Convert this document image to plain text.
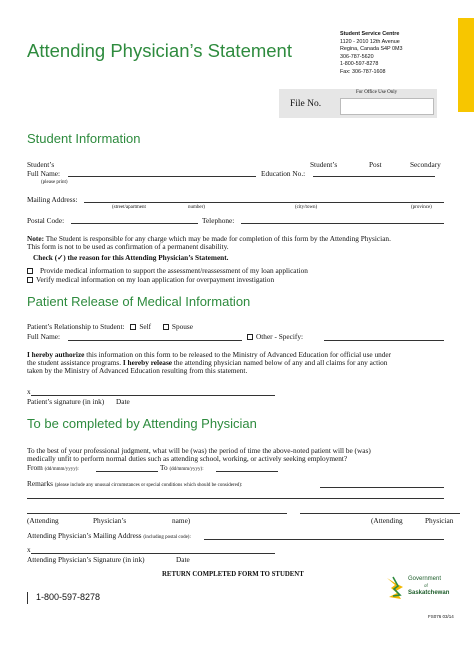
Attending Physician’s Statement
Student Service Centre
1120 - 2010 12th Avenue
Regina, Canada S4P 0M3
306-787-5620
1-800-597-8278
Fax: 306-787-1608
For Office Use Only
File No.
Student Information
Student’s
Full Name:
(please print)
Student’s	Post	Secondary
Education No.:
Mailing Address:
(street/apartment	number)	(city/town)	(province)
Postal Code:	Telephone:
Note: The Student is responsible for any charge which may be made for completion of this form by the Attending Physician.
This form is not to be used as confirmation of a permanent disability.
Check (✓) the reason for this Attending Physician’s Statement.
Provide medical information to support the assessment/reassessment of my loan application
Verify medical information on my loan application for overpayment investigation
Patient Release of Medical Information
Patient’s Relationship to Student: Self	Spouse
Full Name:	Other - Specify:
I hereby authorize this information on this form to be released to the Ministry of Advanced Education for official use under
the student assistance programs. I hereby release the attending physician named below of any and all claims for any action
taken by the Ministry of Advanced Education resulting from this statement.
x
Patient’s signature (in ink) Date
To be completed by Attending Physician
To the best of your professional judgment, what will be (was) the period of time the above-noted patient will be (was)
medically unfit to perform normal duties such as attending school, working, or actively seeking employment?
From (dd/mmm/yyyy):	To (dd/mmm/yyyy):
Remarks (please include any unusual circumstances or special conditions which should be considered):
(Attending	Physician’s	name)	(Attending	Physician
Attending Physician’s Mailing Address (including postal code):
x
Attending Physician’s Signature (in ink)	Date
RETURN COMPLETED FORM TO STUDENT
1-800-597-8278
Government
of
Saskatchewan
FS076 03/14
